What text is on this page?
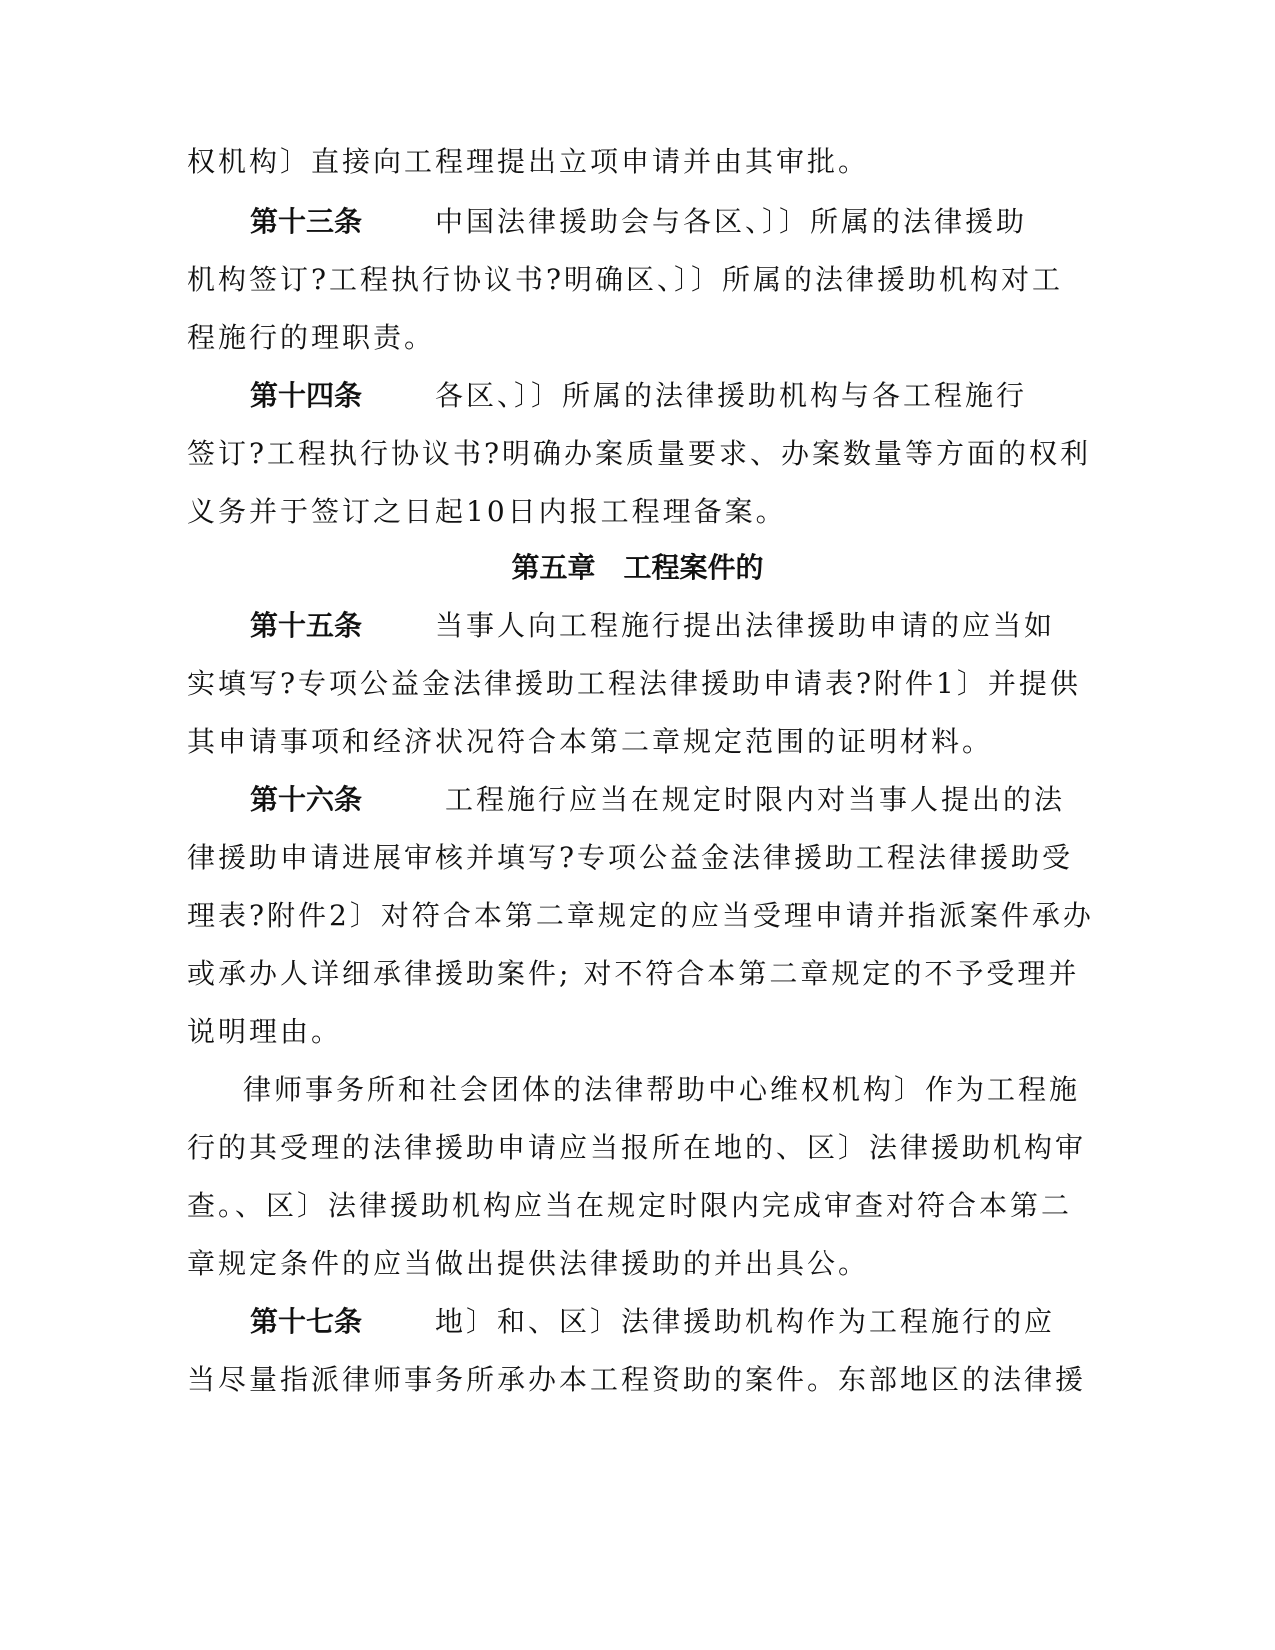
权机构〕直接向工程理提出立项申请并由其审批。
第十三条	中国法律援助会与各区、〕〕所属的法律援助
机构签订?工程执行协议书?明确区、〕〕所属的法律援助机构对工
程施行的理职责。
第十四条	各区、〕〕所属的法律援助机构与各工程施行
签订?工程执行协议书?明确办案质量要求、办案数量等方面的权利
义务并于签订之日起10日内报工程理备案。
第五章　工程案件的
第十五条	当事人向工程施行提出法律援助申请的应当如
实填写?专项公益金法律援助工程法律援助申请表?附件1〕并提供
其申请事项和经济状况符合本第二章规定范围的证明材料。
第十六条	工程施行应当在规定时限内对当事人提出的法
律援助申请进展审核并填写?专项公益金法律援助工程法律援助受
理表?附件2〕对符合本第二章规定的应当受理申请并指派案件承办
或承办人详细承律援助案件; 对不符合本第二章规定的不予受理并
说明理由。
律师事务所和社会团体的法律帮助中心维权机构〕作为工程施
行的其受理的法律援助申请应当报所在地的、区〕法律援助机构审
查。、区〕法律援助机构应当在规定时限内完成审查对符合本第二
章规定条件的应当做出提供法律援助的并出具公。
第十七条	地〕和、区〕法律援助机构作为工程施行的应
当尽量指派律师事务所承办本工程资助的案件。东部地区的法律援
